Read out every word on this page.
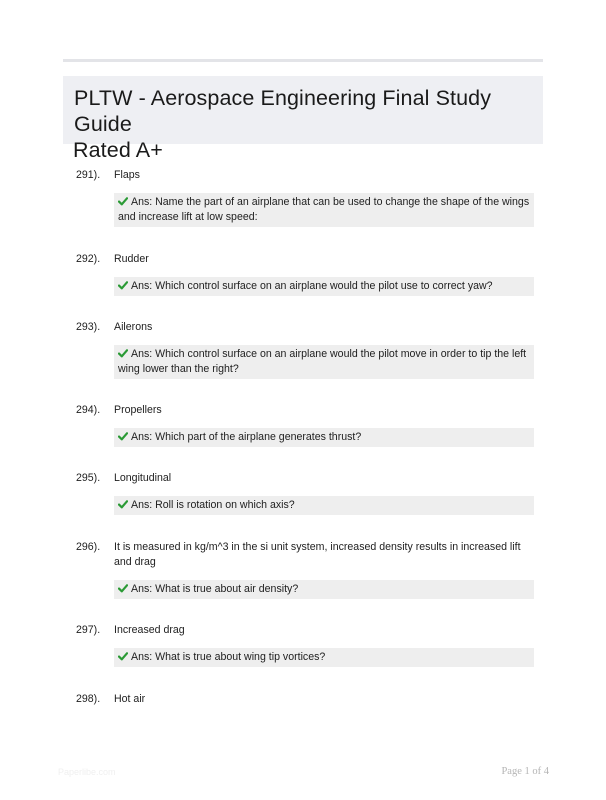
PLTW - Aerospace Engineering Final Study Guide
Rated A+
291).	Flaps
Ans: Name the part of an airplane that can be used to change the shape of the wings and increase lift at low speed:
292).	Rudder
Ans: Which control surface on an airplane would the pilot use to correct yaw?
293).	Ailerons
Ans: Which control surface on an airplane would the pilot move in order to tip the left wing lower than the right?
294).	Propellers
Ans: Which part of the airplane generates thrust?
295).	Longitudinal
Ans: Roll is rotation on which axis?
296).	It is measured in kg/m^3 in the si unit system, increased density results in increased lift and drag
Ans: What is true about air density?
297).	Increased drag
Ans: What is true about wing tip vortices?
298).	Hot air
Paperlibe.com	Page 1 of 4
